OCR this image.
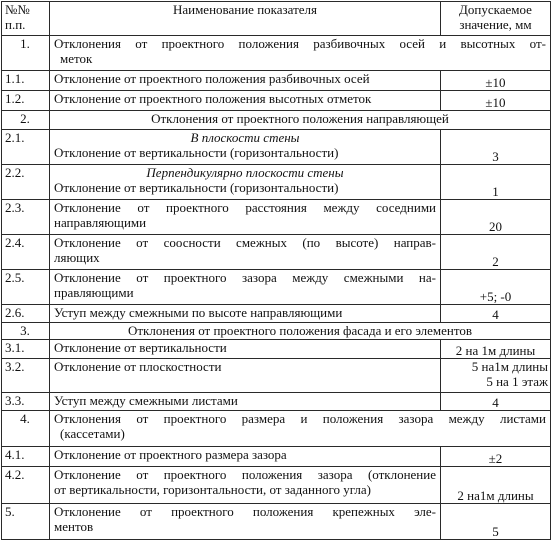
№№
п.п.	Наименование показателя	Допускаемое
значение, мм

1.	Отклонения от проектного положения разбивочных осей и высотных от-
меток	

1.1.	Отклонение от проектного положения разбивочных осей	±10
1.2.	Отклонение от проектного положения высотных отметок	±10
2.	Отклонения от проектного положения направляющей	
2.1.	В плоскости стены
Отклонение от вертикальности (горизонтальности)	3
2.2.	Перпендикулярно плоскости стены
Отклонение от вертикальности (горизонтальности)	1
2.3.	Отклонение от проектного расстояния между соседними
направляющими	20
2.4.	Отклонение от соосности смежных (по высоте) направ-
ляющих	2
2.5.	Отклонение от проектного зазора между смежными на-
правляющими	+5; -0
2.6.	Уступ между смежными по высоте направляющими	4
3.	Отклонения от проектного положения фасада и его элементов	
3.1.	Отклонение от вертикальности	2 на 1м длины
3.2.	Отклонение от плоскостности	5 на1м длины
5 на 1 этаж

3.3.	Уступ между смежными листами	4
4.	Отклонения от проектного размера и положения зазора между листами
(кассетами)	

4.1.	Отклонение от проектного размера зазора	±2
4.2.	Отклонение от проектного положения зазора (отклонение
от вертикальности, горизонтальности, от заданного угла)	2 на1м длины
5.	Отклонение от проектного положения крепежных эле-
ментов	5
